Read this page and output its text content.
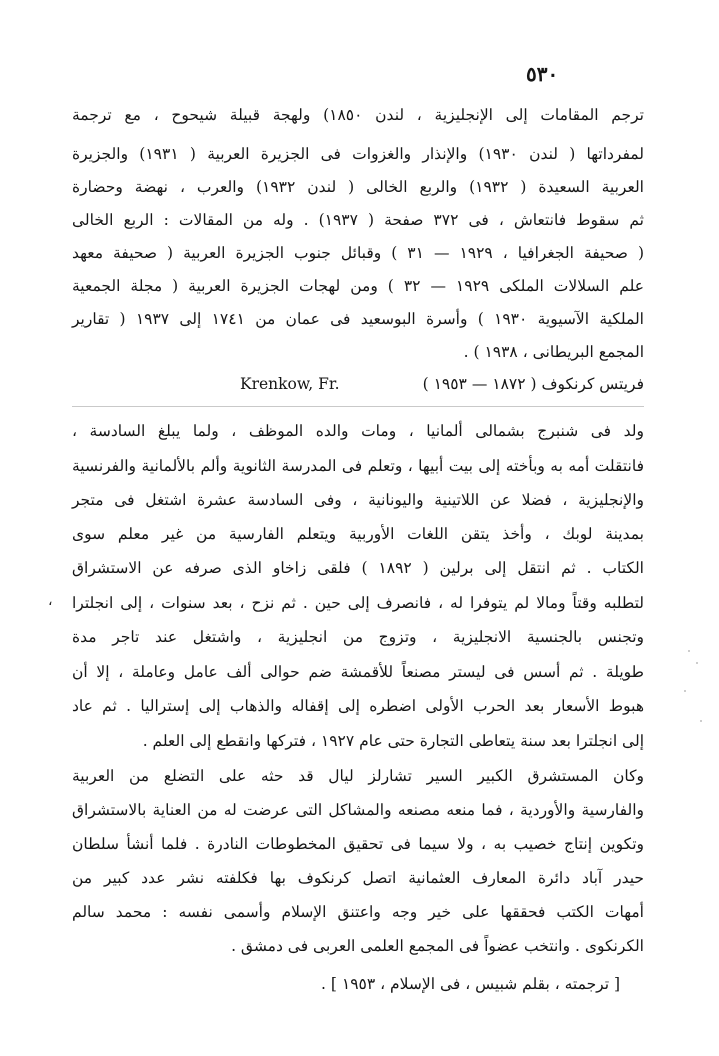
٥٣٠
ترجم المقامات إلى الإنجليزية ، لندن ١٨٥٠) ولهجة قبيلة شيحوح ، مع ترجمة
لمفرداتها ( لندن ١٩٣٠) والإنذار والغزوات فى الجزيرة العربية ( ١٩٣١) والجزيرة
العربية السعيدة ( ١٩٣٢) والربع الخالى ( لندن ١٩٣٢) والعرب ، نهضة وحضارة
ثم سقوط فانتعاش ، فى ٣٧٢ صفحة ( ١٩٣٧) . وله من المقالات : الربع الخالى
( صحيفة الجغرافيا ، ١٩٢٩ — ٣١ ) وقبائل جنوب الجزيرة العربية ( صحيفة معهد
علم السلالات الملكى ١٩٢٩ — ٣٢ ) ومن لهجات الجزيرة العربية ( مجلة الجمعية
الملكية الآسيوية ١٩٣٠ ) وأسرة البوسعيد فى عمان من ١٧٤١ إلى ١٩٣٧ ( تقارير
المجمع البريطانى ، ١٩٣٨ ) .
Krenkow, Fr.	فريتس كرنكوف ( ١٨٧٢ — ١٩٥٣ )
ولد فى شنبرج بشمالى ألمانيا ، ومات والده الموظف ، ولما يبلغ السادسة ،
فانتقلت أمه به وبأخته إلى بيت أبيها ، وتعلم فى المدرسة الثانوية وألم بالألمانية والفرنسية
والإنجليزية ، فضلا عن اللاتينية واليونانية ، وفى السادسة عشرة اشتغل فى متجر
بمدينة لوبك ، وأخذ يتقن اللغات الأوربية ويتعلم الفارسية من غير معلم سوى
الكتاب . ثم انتقل إلى برلين ( ١٨٩٢ ) فلقى زاخاو الذى صرفه عن الاستشراق
لتطلبه وقتاً ومالا لم يتوفرا له ، فانصرف إلى حين . ثم نزح ، بعد سنوات ، إلى انجلترا
وتجنس بالجنسية الانجليزية ، وتزوج من انجليزية ، واشتغل عند تاجر مدة
طويلة . ثم أسس فى ليستر مصنعاً للأقمشة ضم حوالى ألف عامل وعاملة ، إلا أن
هبوط الأسعار بعد الحرب الأولى اضطره إلى إقفاله والذهاب إلى إستراليا . ثم عاد
إلى انجلترا بعد سنة يتعاطى التجارة حتى عام ١٩٢٧ ، فتركها وانقطع إلى العلم .
وكان المستشرق الكبير السير تشارلز ليال قد حثه على التضلع من العربية
والفارسية والأوردية ، فما منعه مصنعه والمشاكل التى عرضت له من العناية بالاستشراق
وتكوين إنتاج خصيب به ، ولا سيما فى تحقيق المخطوطات النادرة . فلما أنشأ سلطان
حيدر آباد دائرة المعارف العثمانية اتصل كرنكوف بها فكلفته نشر عدد كبير من
أمهات الكتب فحققها على خير وجه واعتنق الإسلام وأسمى نفسه : محمد سالم
الكرنكوى . وانتخب عضواً فى المجمع العلمى العربى فى دمشق .
[ ترجمته ، بقلم شبيس ، فى الإسلام ، ١٩٥٣ ] .
،
